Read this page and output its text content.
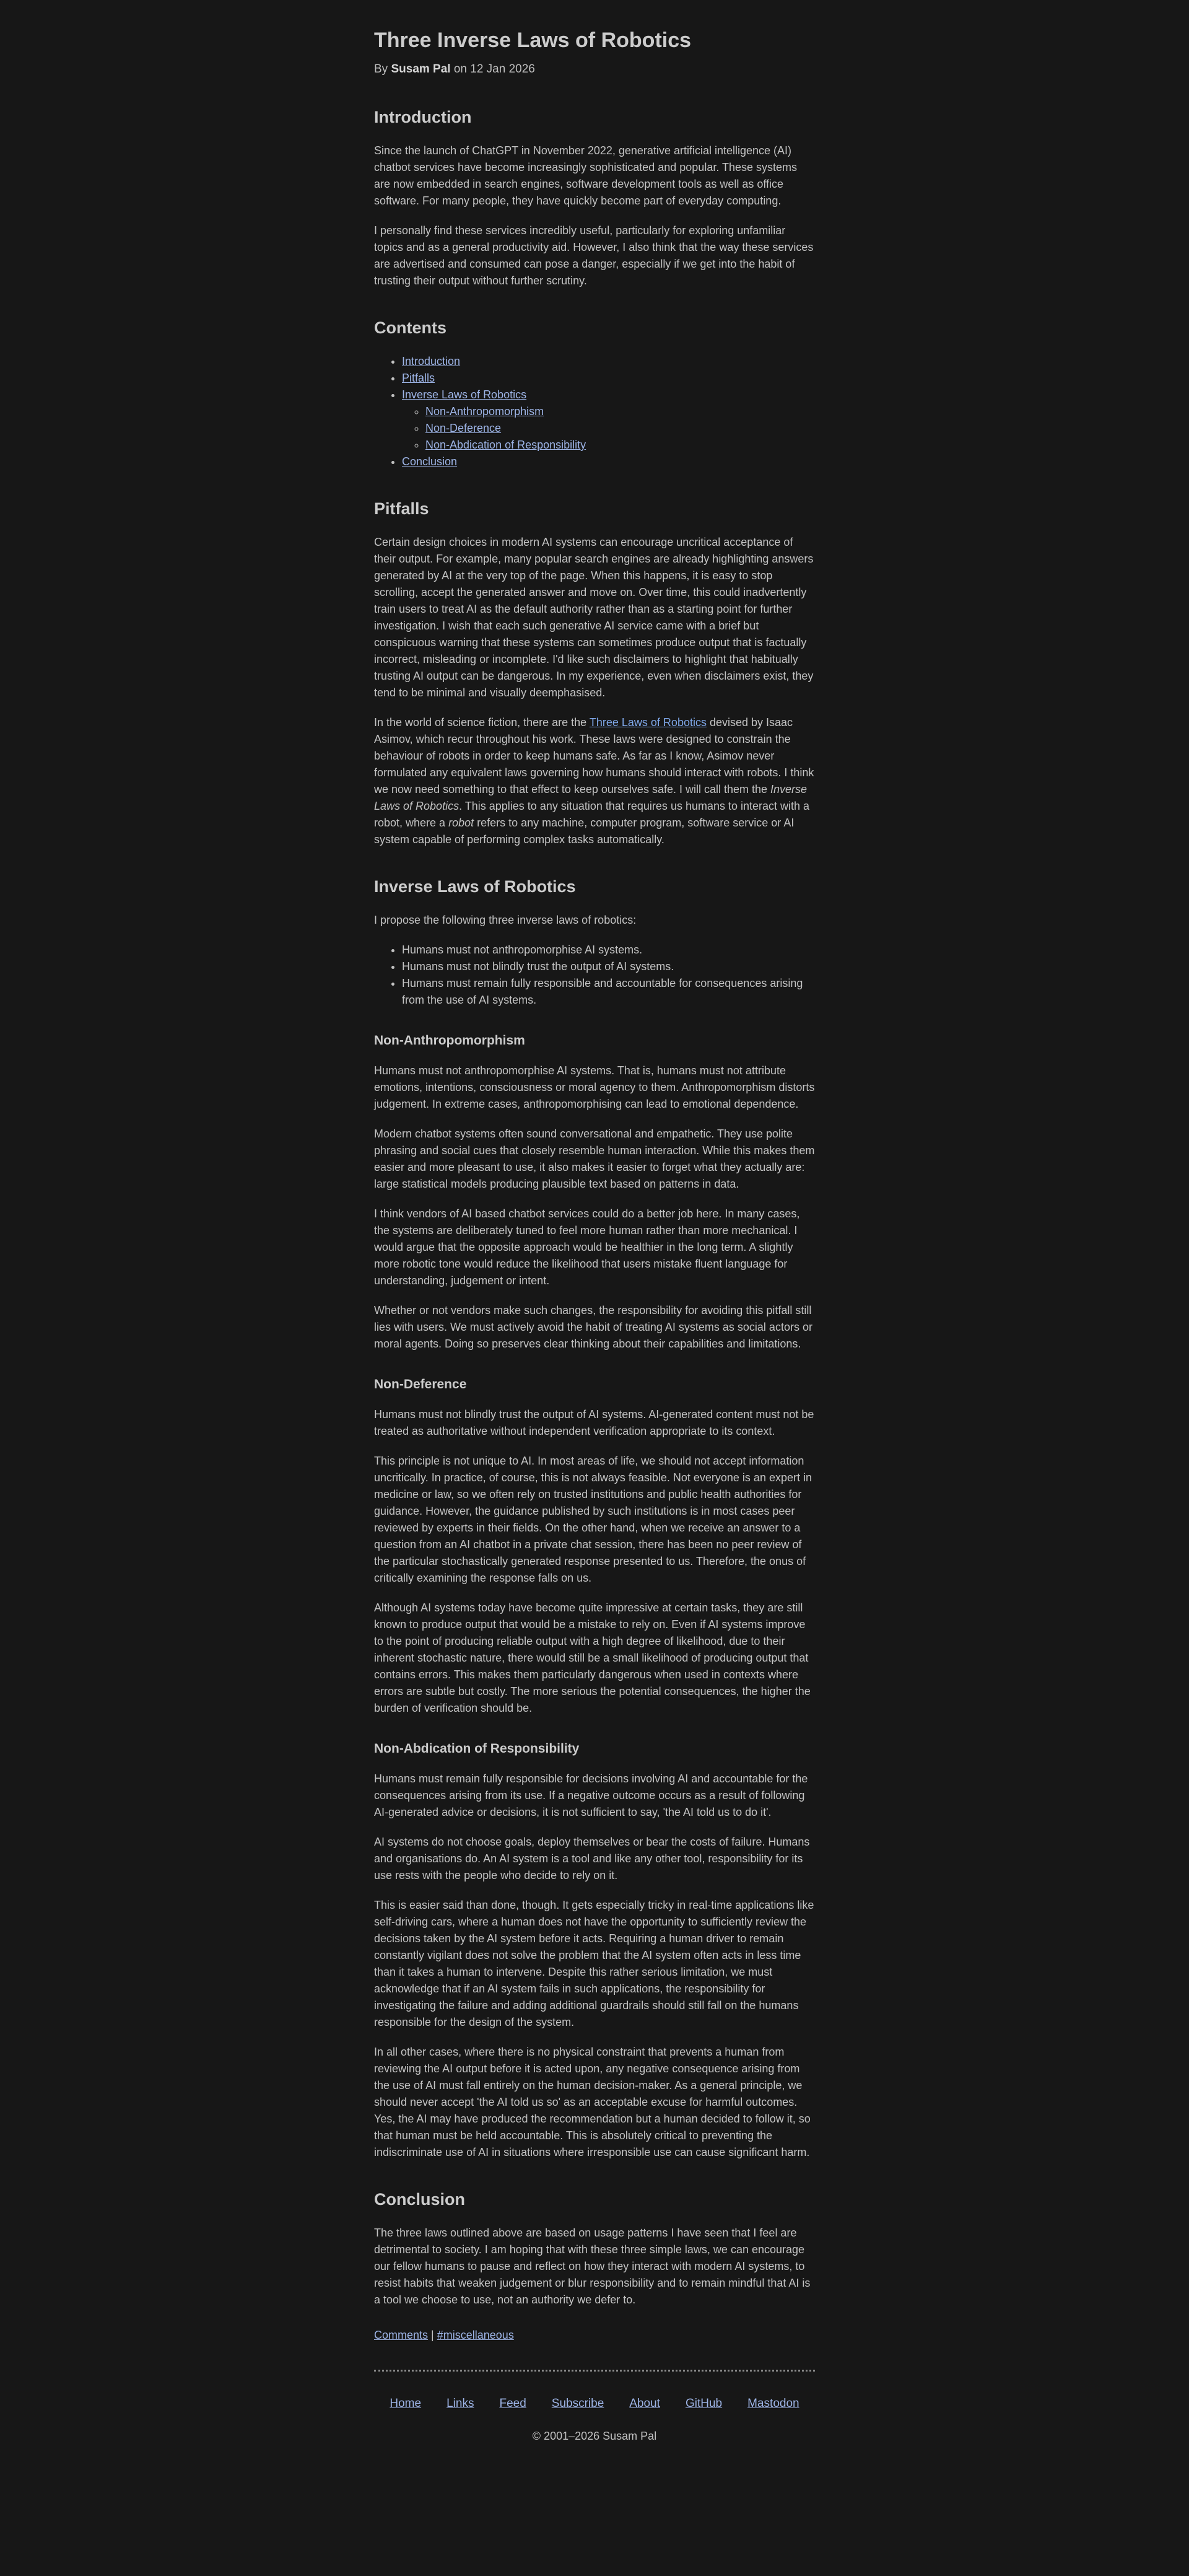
Three Inverse Laws of Robotics

By Susam Pal on 12 Jan 2026

Introduction

Since the launch of ChatGPT in November 2022, generative artificial intelligence (AI) chatbot services have become increasingly sophisticated and popular. These systems are now embedded in search engines, software development tools as well as office software. For many people, they have quickly become part of everyday computing.

I personally find these services incredibly useful, particularly for exploring unfamiliar topics and as a general productivity aid. However, I also think that the way these services are advertised and consumed can pose a danger, especially if we get into the habit of trusting their output without further scrutiny.

Contents
• Introduction
• Pitfalls
• Inverse Laws of Robotics
◦ Non-Anthropomorphism
◦ Non-Deference
◦ Non-Abdication of Responsibility
• Conclusion
Pitfalls

Certain design choices in modern AI systems can encourage uncritical acceptance of their output. For example, many popular search engines are already highlighting answers generated by AI at the very top of the page. When this happens, it is easy to stop scrolling, accept the generated answer and move on. Over time, this could inadvertently train users to treat AI as the default authority rather than as a starting point for further investigation. I wish that each such generative AI service came with a brief but conspicuous warning that these systems can sometimes produce output that is factually incorrect, misleading or incomplete. I'd like such disclaimers to highlight that habitually trusting AI output can be dangerous. In my experience, even when disclaimers exist, they tend to be minimal and visually deemphasised.

In the world of science fiction, there are the Three Laws of Robotics devised by Isaac Asimov, which recur throughout his work. These laws were designed to constrain the behaviour of robots in order to keep humans safe. As far as I know, Asimov never formulated any equivalent laws governing how humans should interact with robots. I think we now need something to that effect to keep ourselves safe. I will call them the Inverse Laws of Robotics. This applies to any situation that requires us humans to interact with a robot, where a robot refers to any machine, computer program, software service or AI system capable of performing complex tasks automatically.

Inverse Laws of Robotics

I propose the following three inverse laws of robotics:

• Humans must not anthropomorphise AI systems.
• Humans must not blindly trust the output of AI systems.
• Humans must remain fully responsible and accountable for consequences arising from the use of AI systems.
Non-Anthropomorphism

Humans must not anthropomorphise AI systems. That is, humans must not attribute emotions, intentions, consciousness or moral agency to them. Anthropomorphism distorts judgement. In extreme cases, anthropomorphising can lead to emotional dependence.

Modern chatbot systems often sound conversational and empathetic. They use polite phrasing and social cues that closely resemble human interaction. While this makes them easier and more pleasant to use, it also makes it easier to forget what they actually are: large statistical models producing plausible text based on patterns in data.

I think vendors of AI based chatbot services could do a better job here. In many cases, the systems are deliberately tuned to feel more human rather than more mechanical. I would argue that the opposite approach would be healthier in the long term. A slightly more robotic tone would reduce the likelihood that users mistake fluent language for understanding, judgement or intent.

Whether or not vendors make such changes, the responsibility for avoiding this pitfall still lies with users. We must actively avoid the habit of treating AI systems as social actors or moral agents. Doing so preserves clear thinking about their capabilities and limitations.

Non-Deference

Humans must not blindly trust the output of AI systems. AI-generated content must not be treated as authoritative without independent verification appropriate to its context.

This principle is not unique to AI. In most areas of life, we should not accept information uncritically. In practice, of course, this is not always feasible. Not everyone is an expert in medicine or law, so we often rely on trusted institutions and public health authorities for guidance. However, the guidance published by such institutions is in most cases peer reviewed by experts in their fields. On the other hand, when we receive an answer to a question from an AI chatbot in a private chat session, there has been no peer review of the particular stochastically generated response presented to us. Therefore, the onus of critically examining the response falls on us.

Although AI systems today have become quite impressive at certain tasks, they are still known to produce output that would be a mistake to rely on. Even if AI systems improve to the point of producing reliable output with a high degree of likelihood, due to their inherent stochastic nature, there would still be a small likelihood of producing output that contains errors. This makes them particularly dangerous when used in contexts where errors are subtle but costly. The more serious the potential consequences, the higher the burden of verification should be.

Non-Abdication of Responsibility

Humans must remain fully responsible for decisions involving AI and accountable for the consequences arising from its use. If a negative outcome occurs as a result of following AI-generated advice or decisions, it is not sufficient to say, 'the AI told us to do it'.

AI systems do not choose goals, deploy themselves or bear the costs of failure. Humans and organisations do. An AI system is a tool and like any other tool, responsibility for its use rests with the people who decide to rely on it.

This is easier said than done, though. It gets especially tricky in real-time applications like self-driving cars, where a human does not have the opportunity to sufficiently review the decisions taken by the AI system before it acts. Requiring a human driver to remain constantly vigilant does not solve the problem that the AI system often acts in less time than it takes a human to intervene. Despite this rather serious limitation, we must acknowledge that if an AI system fails in such applications, the responsibility for investigating the failure and adding additional guardrails should still fall on the humans responsible for the design of the system.

In all other cases, where there is no physical constraint that prevents a human from reviewing the AI output before it is acted upon, any negative consequence arising from the use of AI must fall entirely on the human decision-maker. As a general principle, we should never accept 'the AI told us so' as an acceptable excuse for harmful outcomes. Yes, the AI may have produced the recommendation but a human decided to follow it, so that human must be held accountable. This is absolutely critical to preventing the indiscriminate use of AI in situations where irresponsible use can cause significant harm.

Conclusion

The three laws outlined above are based on usage patterns I have seen that I feel are detrimental to society. I am hoping that with these three simple laws, we can encourage our fellow humans to pause and reflect on how they interact with modern AI systems, to resist habits that weaken judgement or blur responsibility and to remain mindful that AI is a tool we choose to use, not an authority we defer to.

Comments | #miscellaneous

Home Links Feed Subscribe About GitHub Mastodon

© 2001–2026 Susam Pal
